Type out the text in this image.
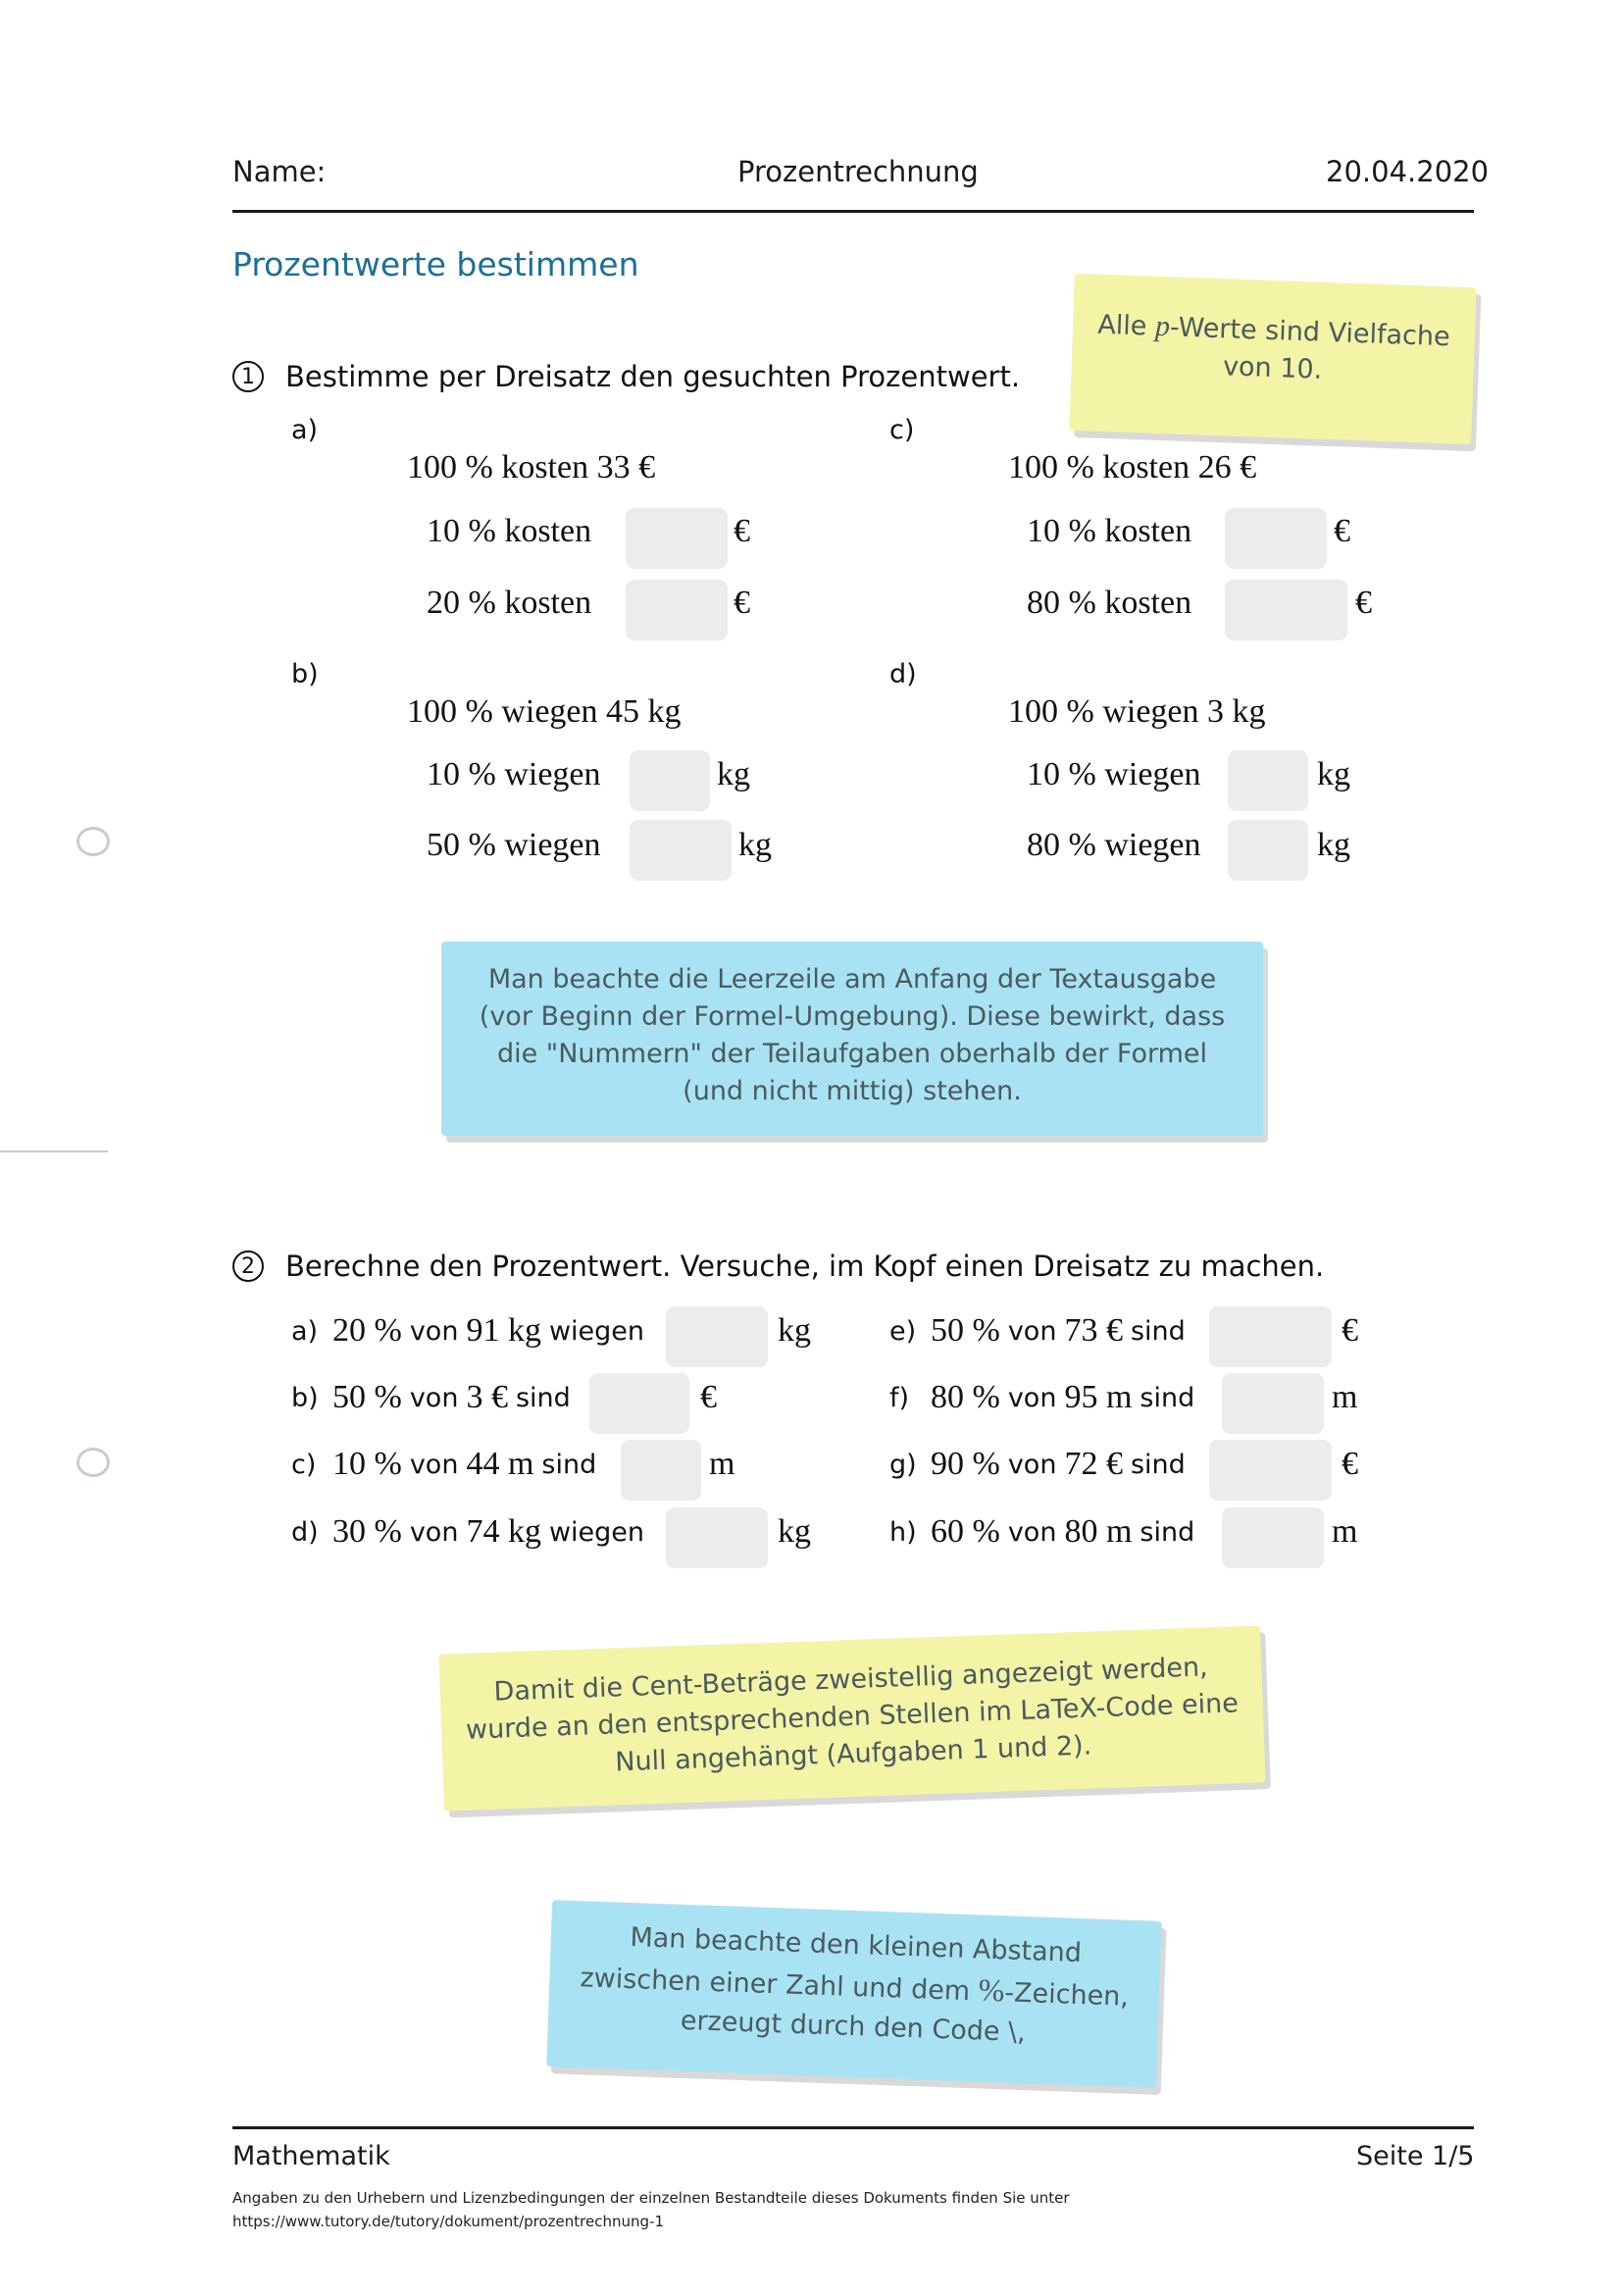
Name:	Prozentrechnung	20.04.2020
Prozentwerte bestimmen
Alle p-Werte sind Vielfache von 10.
1	Bestimme per Dreisatz den gesuchten Prozentwert.
a)
100 % kosten 33 €
10 % kosten	€
20 % kosten	€
c)
100 % kosten 26 €
10 % kosten	€
80 % kosten	€
b)
100 % wiegen 45 kg
10 % wiegen	kg
50 % wiegen	kg
d)
100 % wiegen 3 kg
10 % wiegen	kg
80 % wiegen	kg
Man beachte die Leerzeile am Anfang der Textausgabe (vor Beginn der Formel-Umgebung). Diese bewirkt, dass die "Nummern" der Teilaufgaben oberhalb der Formel (und nicht mittig) stehen.
2	Berechne den Prozentwert. Versuche, im Kopf einen Dreisatz zu machen.
a) 20 % von 91 kg wiegen	kg
b) 50 % von 3 € sind	€
c) 10 % von 44 m sind	m
d) 30 % von 74 kg wiegen	kg
e) 50 % von 73 € sind	€
f) 80 % von 95 m sind	m
g) 90 % von 72 € sind	€
h) 60 % von 80 m sind	m
Damit die Cent-Beträge zweistellig angezeigt werden, wurde an den entsprechenden Stellen im LaTeX-Code eine Null angehängt (Aufgaben 1 und 2).
Man beachte den kleinen Abstand
zwischen einer Zahl und dem %-Zeichen,
erzeugt durch den Code \,
Mathematik	Seite 1/5
Angaben zu den Urhebern und Lizenzbedingungen der einzelnen Bestandteile dieses Dokuments finden Sie unter
https://www.tutory.de/tutory/dokument/prozentrechnung-1
